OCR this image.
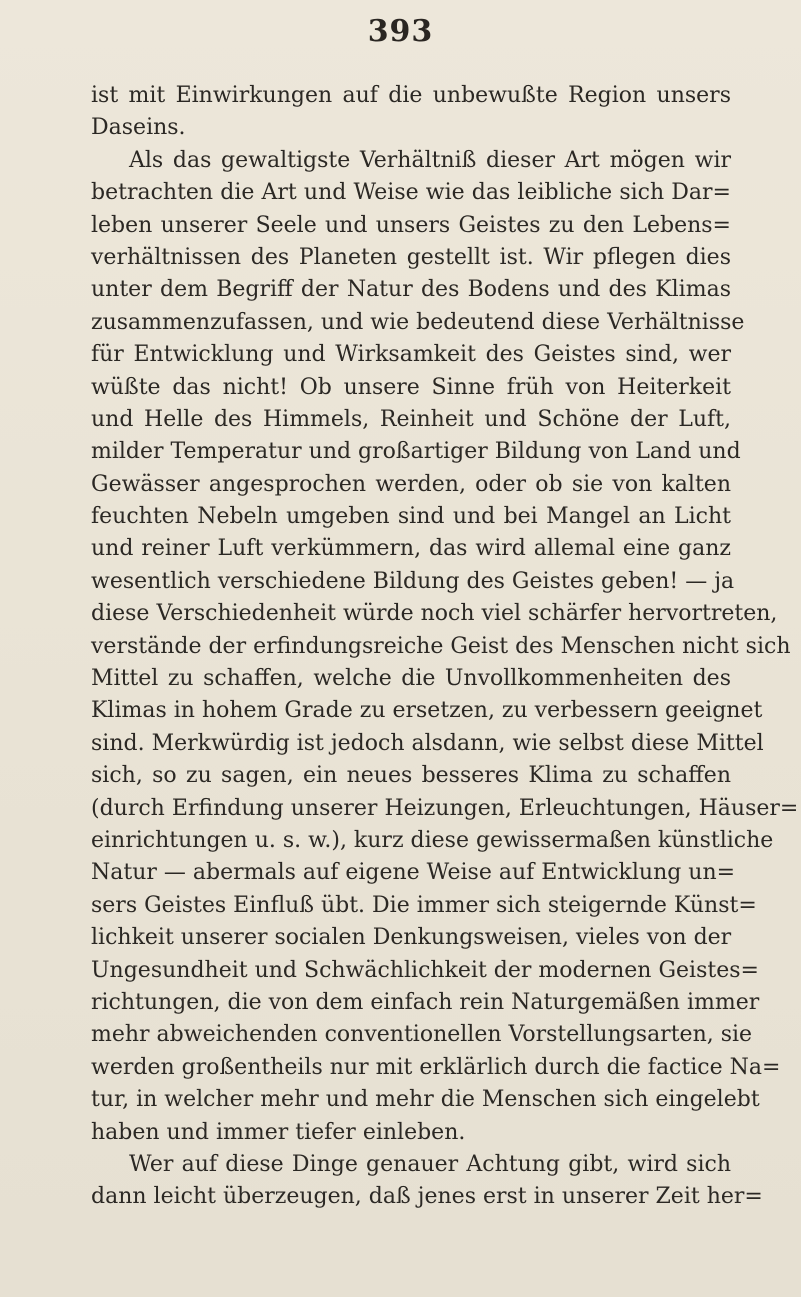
393
ist mit Einwirkungen auf die unbewußte Region unsers
Daseins.
Als das gewaltigste Verhältniß dieser Art mögen wir
betrachten die Art und Weise wie das leibliche sich Dar=
leben unserer Seele und unsers Geistes zu den Lebens=
verhältnissen des Planeten gestellt ist. Wir pflegen dies
unter dem Begriff der Natur des Bodens und des Klimas
zusammenzufassen, und wie bedeutend diese Verhältnisse
für Entwicklung und Wirksamkeit des Geistes sind, wer
wüßte das nicht! Ob unsere Sinne früh von Heiterkeit
und Helle des Himmels, Reinheit und Schöne der Luft,
milder Temperatur und großartiger Bildung von Land und
Gewässer angesprochen werden, oder ob sie von kalten
feuchten Nebeln umgeben sind und bei Mangel an Licht
und reiner Luft verkümmern, das wird allemal eine ganz
wesentlich verschiedene Bildung des Geistes geben! — ja
diese Verschiedenheit würde noch viel schärfer hervortreten,
verstände der erfindungsreiche Geist des Menschen nicht sich
Mittel zu schaffen, welche die Unvollkommenheiten des
Klimas in hohem Grade zu ersetzen, zu verbessern geeignet
sind. Merkwürdig ist jedoch alsdann, wie selbst diese Mittel
sich, so zu sagen, ein neues besseres Klima zu schaffen
(durch Erfindung unserer Heizungen, Erleuchtungen, Häuser=
einrichtungen u. s. w.), kurz diese gewissermaßen künstliche
Natur — abermals auf eigene Weise auf Entwicklung un=
sers Geistes Einfluß übt. Die immer sich steigernde Künst=
lichkeit unserer socialen Denkungsweisen, vieles von der
Ungesundheit und Schwächlichkeit der modernen Geistes=
richtungen, die von dem einfach rein Naturgemäßen immer
mehr abweichenden conventionellen Vorstellungsarten, sie
werden großentheils nur mit erklärlich durch die factice Na=
tur, in welcher mehr und mehr die Menschen sich eingelebt
haben und immer tiefer einleben.
Wer auf diese Dinge genauer Achtung gibt, wird sich
dann leicht überzeugen, daß jenes erst in unserer Zeit her=
